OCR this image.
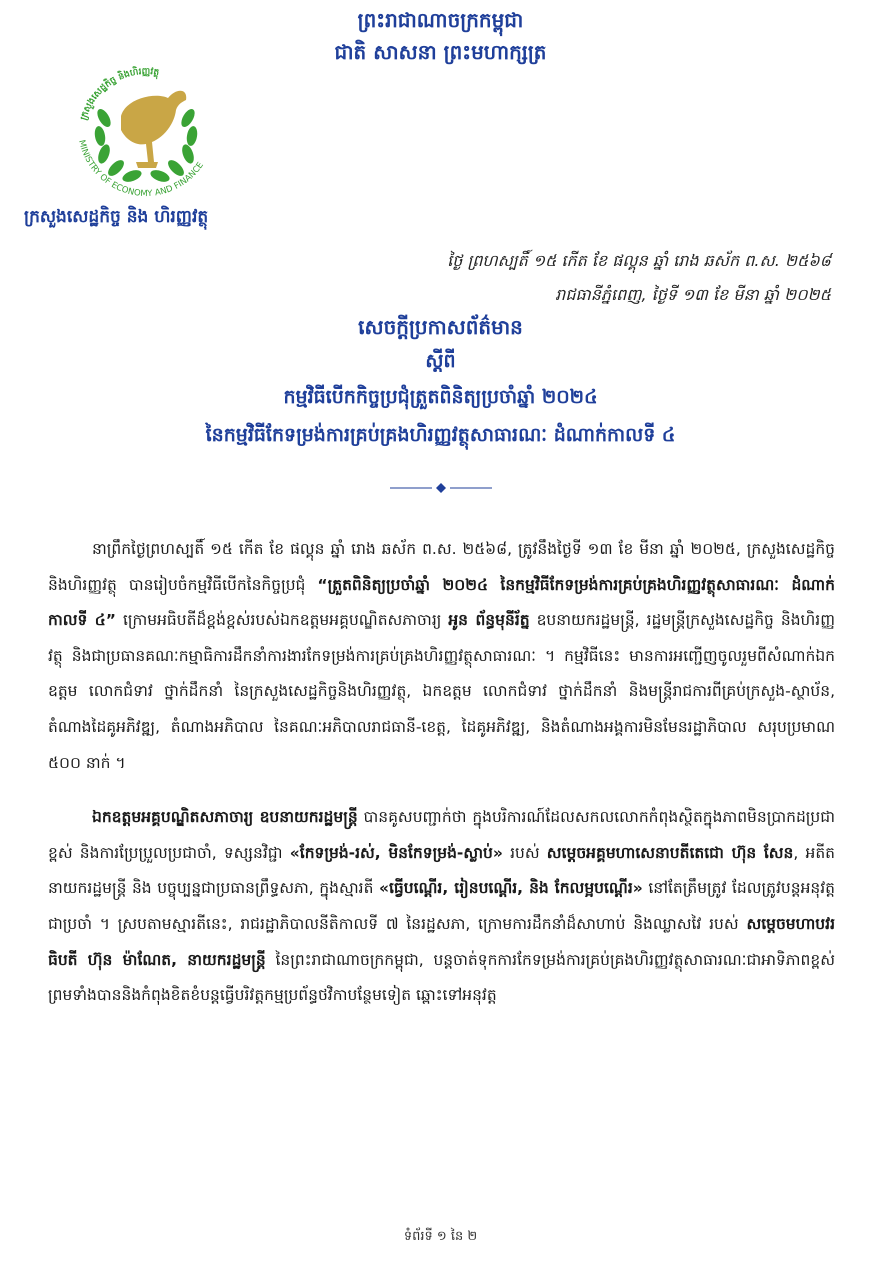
ព្រះរាជាណាចក្រកម្ពុជា
ជាតិ សាសនា ព្រះមហាក្សត្រ
MINISTRY OF ECONOMY AND FINANCE
ក្រសួងសេដ្ឋកិច្ច និងហិរញ្ញវត្ថុ
ក្រសួងសេដ្ឋកិច្ច និង ហិរញ្ញវត្ថុ
ថ្ងៃ ព្រហស្បតិ៍ ១៥ កើត ខែ ផល្គុន ឆ្នាំ រោង ឆស័ក ព.ស. ២៥៦៨
រាជធានីភ្នំពេញ, ថ្ងៃទី ១៣ ខែ មីនា ឆ្នាំ ២០២៥
សេចក្តីប្រកាសព័ត៌មាន
ស្តីពី
កម្មវិធីបើកកិច្ចប្រជុំត្រួតពិនិត្យប្រចាំឆ្នាំ ២០២៤
នៃកម្មវិធីកែទម្រង់ការគ្រប់គ្រងហិរញ្ញវត្ថុសាធារណៈ ដំណាក់កាលទី ៤

នាព្រឹកថ្ងៃព្រហស្បតិ៍ ១៥ កើត ខែ ផល្គុន ឆ្នាំ រោង ឆស័ក ព.ស. ២៥៦៨, ត្រូវនឹងថ្ងៃទី ១៣ ខែ មីនា ឆ្នាំ ២០២៥, ក្រសួងសេដ្ឋកិច្ច និងហិរញ្ញវត្ថុ បានរៀបចំកម្មវិធីបើកនៃកិច្ចប្រជុំ “ត្រួតពិនិត្យប្រចាំឆ្នាំ ២០២៤ នៃកម្មវិធីកែទម្រង់ការគ្រប់គ្រងហិរញ្ញវត្ថុសាធារណៈ ដំណាក់កាលទី ៤” ក្រោមអធិបតីដ៏ខ្ពង់ខ្ពស់របស់ឯកឧត្តមអគ្គបណ្ឌិតសភាចារ្យ អូន ព័ន្ធមុនីរ័ត្ន ឧបនាយករដ្ឋមន្ត្រី, រដ្ឋមន្ត្រីក្រសួងសេដ្ឋកិច្ច និងហិរញ្ញវត្ថុ និងជាប្រធានគណៈកម្មាធិការដឹកនាំការងារកែទម្រង់ការគ្រប់គ្រងហិរញ្ញវត្ថុសាធារណៈ ។ កម្មវិធីនេះ មានការអញ្ជើញចូលរួមពីសំណាក់ឯកឧត្តម លោកជំទាវ ថ្នាក់ដឹកនាំ នៃក្រសួងសេដ្ឋកិច្ចនិងហិរញ្ញវត្ថុ, ឯកឧត្តម លោកជំទាវ ថ្នាក់ដឹកនាំ និងមន្ត្រីរាជការពីគ្រប់ក្រសួង-ស្ថាប័ន, តំណាងដៃគូអភិវឌ្ឍ, តំណាងអភិបាល នៃគណៈអភិបាលរាជធានី-ខេត្ត, ដៃគូអភិវឌ្ឍ, និងតំណាងអង្គការមិនមែនរដ្ឋាភិបាល សរុបប្រមាណ ៥០០ នាក់ ។

ឯកឧត្តមអគ្គបណ្ឌិតសភាចារ្យ ឧបនាយករដ្ឋមន្ត្រី បានគូសបញ្ជាក់ថា ក្នុងបរិការណ៍ដែលសកលលោកកំពុងស្ថិតក្នុងភាពមិនប្រាកដប្រជាខ្ពស់ និងការប្រែប្រួលប្រជាចាំ, ទស្សនវិជ្ជា «កែទម្រង់-រស់, មិនកែទម្រង់-ស្លាប់» របស់ សម្តេចអគ្គមហាសេនាបតីតេជោ ហ៊ុន សែន, អតីតនាយករដ្ឋមន្ត្រី និង បច្ចុប្បន្នជាប្រធានព្រឹទ្ធសភា, ក្នុងស្មារតី «ធ្វើបណ្តើរ, រៀនបណ្តើរ, និង កែលម្អបណ្តើរ» នៅតែត្រឹមត្រូវ ដែលត្រូវបន្តអនុវត្តជាប្រចាំ ។ ស្របតាមស្មារតីនេះ, រាជរដ្ឋាភិបាលនីតិកាលទី ៧ នៃរដ្ឋសភា, ក្រោមការដឹកនាំដ៏សាហាប់ និងឈ្លាសវៃ របស់ សម្តេចមហាបវរធិបតី ហ៊ុន ម៉ាណែត, នាយករដ្ឋមន្ត្រី នៃព្រះរាជាណាចក្រកម្ពុជា, បន្តចាត់ទុកការកែទម្រង់ការគ្រប់គ្រងហិរញ្ញវត្ថុសាធារណៈជាអាទិភាពខ្ពស់ ព្រមទាំងបាននិងកំពុងខិតខំបន្តធ្វើបរិវត្តកម្មប្រព័ន្ធថវិកាបន្ថែមទៀត ឆ្ពោះទៅអនុវត្ត

ទំព័រទី ១ នៃ ២
